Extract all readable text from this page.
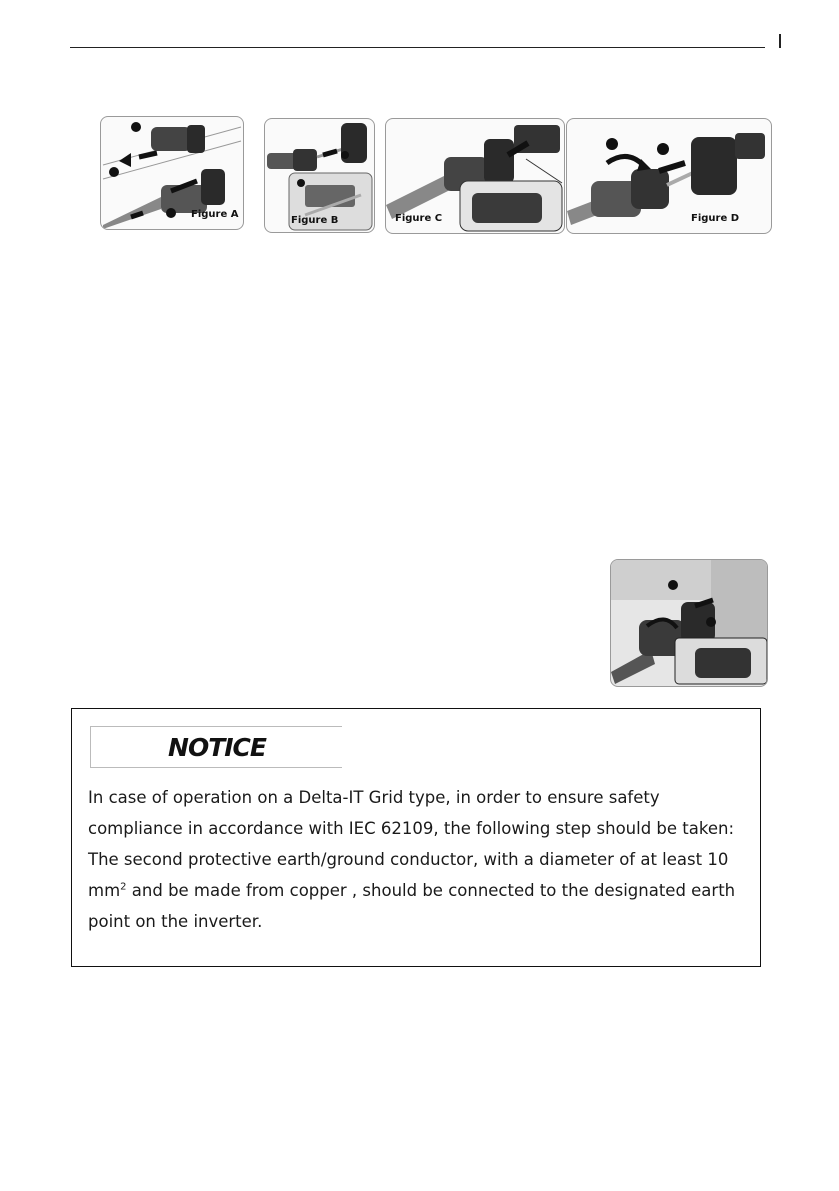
Figure A
Figure B	Figure C	Figure D
NOTICE

In case of operation on a Delta-IT Grid type, in order to ensure safety compliance in accordance with IEC 62109, the following step should be taken:

The second protective earth/ground conductor, with a diameter of at least 10 $mm^2$ and be made from copper , should be connected to the designated earth point on the inverter.
